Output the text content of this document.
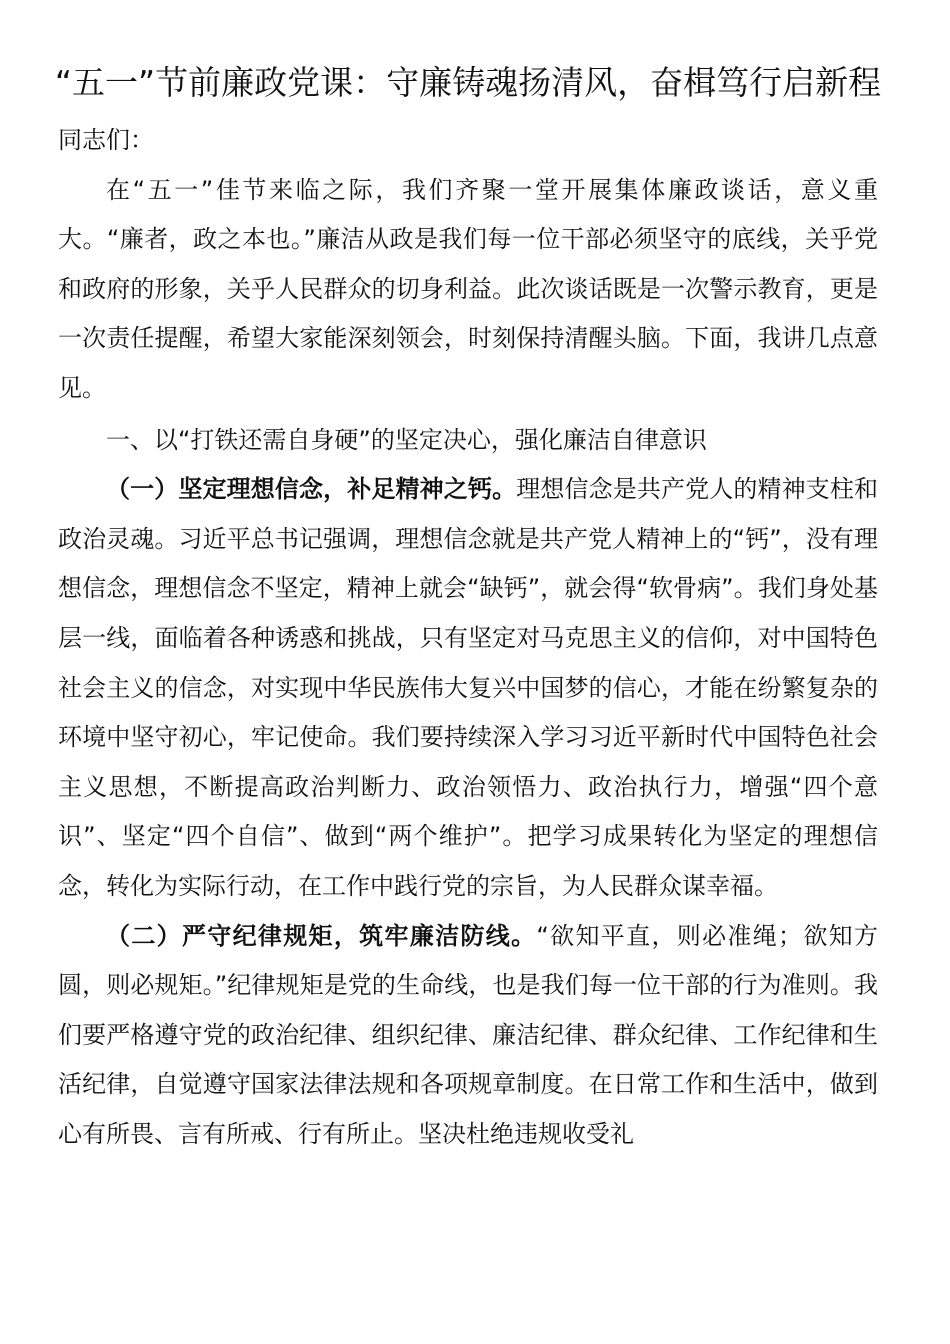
“五一”节前廉政党课：守廉铸魂扬清风，奋楫笃行启新程

同志们：

在“五一”佳节来临之际，我们齐聚一堂开展集体廉政谈话，意义重大。“廉者，政之本也。”廉洁从政是我们每一位干部必须坚守的底线，关乎党和政府的形象，关乎人民群众的切身利益。此次谈话既是一次警示教育，更是一次责任提醒，希望大家能深刻领会，时刻保持清醒头脑。下面，我讲几点意见。

一、以“打铁还需自身硬”的坚定决心，强化廉洁自律意识

（一）坚定理想信念，补足精神之钙。理想信念是共产党人的精神支柱和政治灵魂。习近平总书记强调，理想信念就是共产党人精神上的“钙”，没有理想信念，理想信念不坚定，精神上就会“缺钙”，就会得“软骨病”。我们身处基层一线，面临着各种诱惑和挑战，只有坚定对马克思主义的信仰，对中国特色社会主义的信念，对实现中华民族伟大复兴中国梦的信心，才能在纷繁复杂的环境中坚守初心，牢记使命。我们要持续深入学习习近平新时代中国特色社会主义思想，不断提高政治判断力、政治领悟力、政治执行力，增强“四个意识”、坚定“四个自信”、做到“两个维护”。把学习成果转化为坚定的理想信念，转化为实际行动，在工作中践行党的宗旨，为人民群众谋幸福。

（二）严守纪律规矩，筑牢廉洁防线。“欲知平直，则必准绳；欲知方圆，则必规矩。”纪律规矩是党的生命线，也是我们每一位干部的行为准则。我们要严格遵守党的政治纪律、组织纪律、廉洁纪律、群众纪律、工作纪律和生活纪律，自觉遵守国家法律法规和各项规章制度。在日常工作和生活中，做到心有所畏、言有所戒、行有所止。坚决杜绝违规收受礼
